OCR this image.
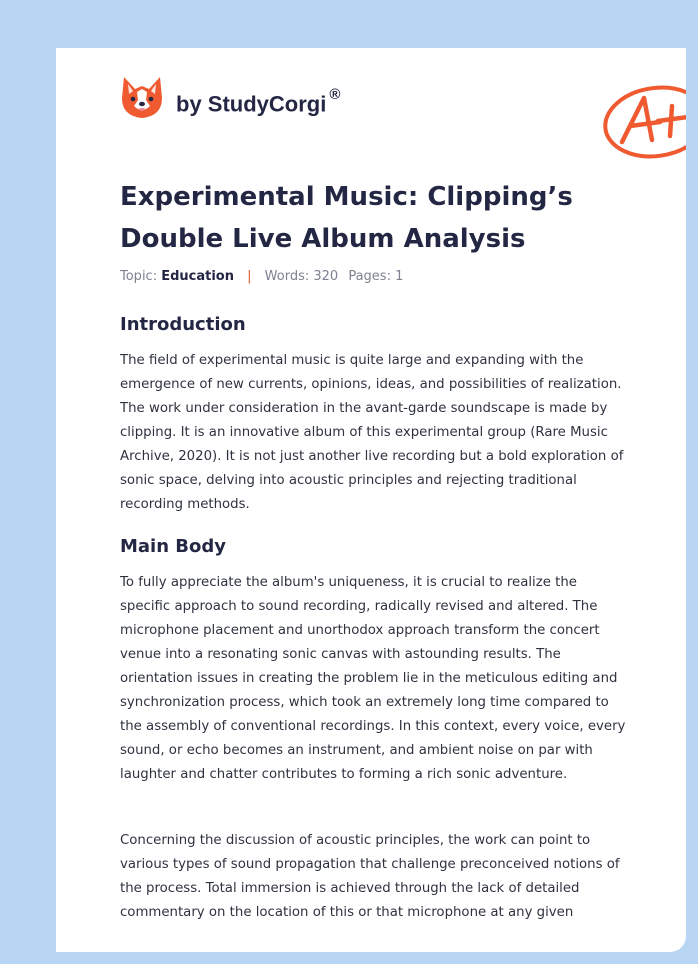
by StudyCorgi ®
Experimental Music: Clipping’s Double Live Album Analysis
Topic: Education | Words: 320 Pages: 1
Introduction

The field of experimental music is quite large and expanding with the emergence of new currents, opinions, ideas, and possibilities of realization. The work under consideration in the avant-garde soundscape is made by clipping. It is an innovative album of this experimental group (Rare Music Archive, 2020). It is not just another live recording but a bold exploration of sonic space, delving into acoustic principles and rejecting traditional recording methods.

Main Body

To fully appreciate the album's uniqueness, it is crucial to realize the specific approach to sound recording, radically revised and altered. The microphone placement and unorthodox approach transform the concert venue into a resonating sonic canvas with astounding results. The orientation issues in creating the problem lie in the meticulous editing and synchronization process, which took an extremely long time compared to the assembly of conventional recordings. In this context, every voice, every sound, or echo becomes an instrument, and ambient noise on par with laughter and chatter contributes to forming a rich sonic adventure.

Concerning the discussion of acoustic principles, the work can point to various types of sound propagation that challenge preconceived notions of the process. Total immersion is achieved through the lack of detailed commentary on the location of this or that microphone at any given
